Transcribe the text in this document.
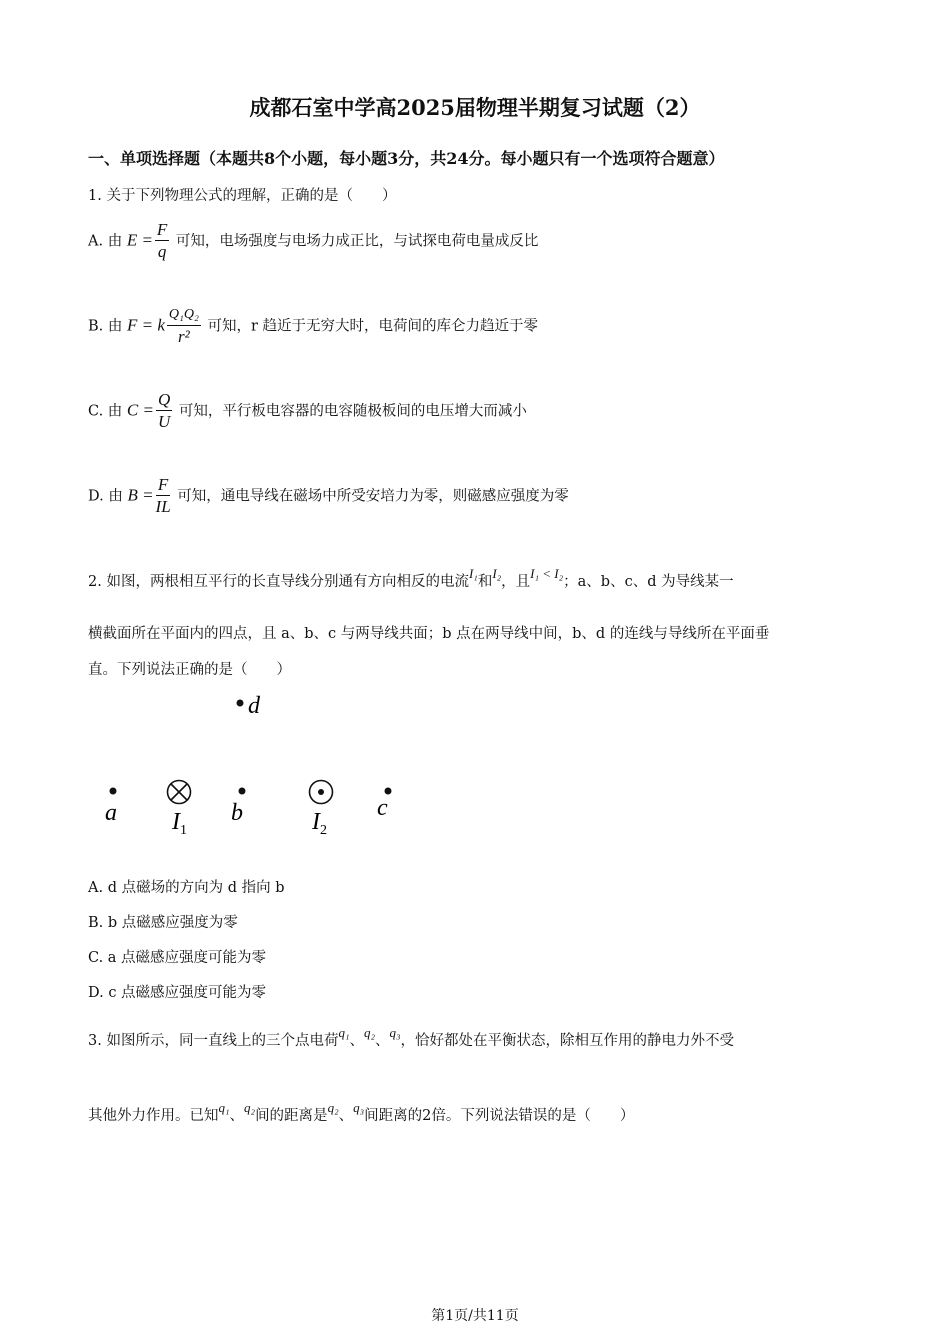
成都石室中学高2025届物理半期复习试题（2）
一、单项选择题（本题共8个小题，每小题3分，共24分。每小题只有一个选项符合题意）
1. 关于下列物理公式的理解，正确的是（　　）
A. 由 $E = \frac{F}{q}$ 可知，电场强度与电场力成正比，与试探电荷电量成反比
B. 由 F = k $\frac{\text{Q₁Q₂}}{\text{r²}}$ 可知，r 趋近于无穷大时，电荷间的库仑力趋近于零
C. 由 $C = \frac{Q}{U}$ 可知，平行板电容器的电容随极板间的电压增大而减小
D. 由 $B = \frac{F}{IL}$ 可知，通电导线在磁场中所受安培力为零，则磁感应强度为零
2. 如图，两根相互平行的长直导线分别通有方向相反的电流I₁和I₂，且I₁ < I₂；a、b、c、d 为导线某一
横截面所在平面内的四点，且 a、b、c 与两导线共面；b 点在两导线中间，b、d 的连线与导线所在平面垂
直。下列说法正确的是（　　）
d
a $I_1$
b	$I_2$
c
A. d 点磁场的方向为 d 指向 b
B. b 点磁感应强度为零
C. a 点磁感应强度可能为零
D. c 点磁感应强度可能为零
3. 如图所示，同一直线上的三个点电荷q₁、q₂、q₃，恰好都处在平衡状态，除相互作用的静电力外不受
其他外力作用。已知q₁、q₂间的距离是q₂、q₃间距离的2倍。下列说法错误的是（　　）
第1页/共11页
